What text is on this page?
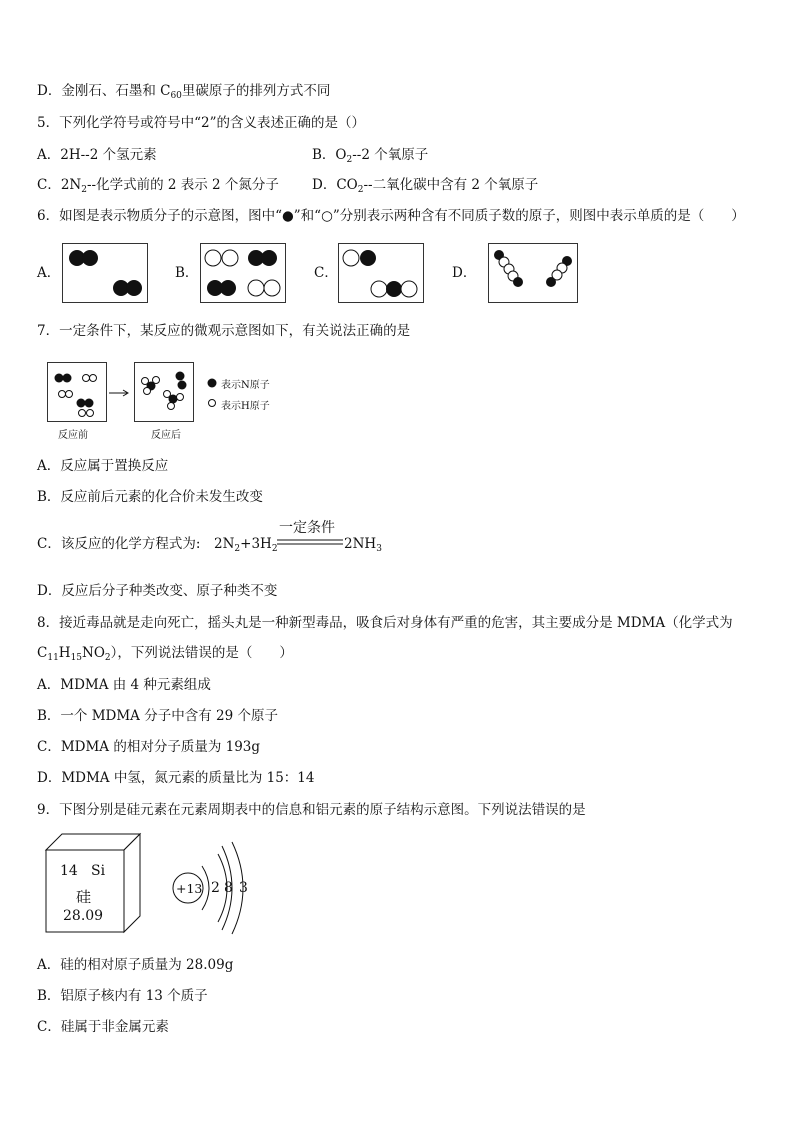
D．金刚石、石墨和 $C_{60}$里碳原子的排列方式不同
5．下列化学符号或符号中“2”的含义表述正确的是（）
A．2H--2 个氢元素	B．$O_2--2$ 个氧原子
C．$2N_2--$化学式前的 2 表示 2 个氮分子 D．$CO_2--$二氧化碳中含有 2 个氧原子
6．如图是表示物质分子的示意图，图中“●”和“○”分别表示两种含有不同质子数的原子，则图中表示单质的是（　　）
A．	B．	C．	D．
7．一定条件下，某反应的微观示意图如下，有关说法正确的是
反应前	反应后
表示N原子
表示H原子
A．反应属于置换反应
B．反应前后元素的化合价未发生改变
C．该反应的化学方程式为: $2N_2+3H_2$
一定条件
$2NH_3$
D．反应后分子种类改变、原子种类不变
8．接近毒品就是走向死亡，摇头丸是一种新型毒品，吸食后对身体有严重的危害，其主要成分是 MDMA（化学式为
$C_{11}H_{15}NO_2$），下列说法错误的是（　　）
A．MDMA 由 4 种元素组成
B．一个 MDMA 分子中含有 29 个原子
C．MDMA 的相对分子质量为 193g
D．MDMA 中氢，氮元素的质量比为 15：14
9．下图分别是硅元素在元素周期表中的信息和铝元素的原子结构示意图。下列说法错误的是
14 Si
硅
28.09
+13 2 8 3
A．硅的相对原子质量为 28.09g
B．铝原子核内有 13 个质子
C．硅属于非金属元素
